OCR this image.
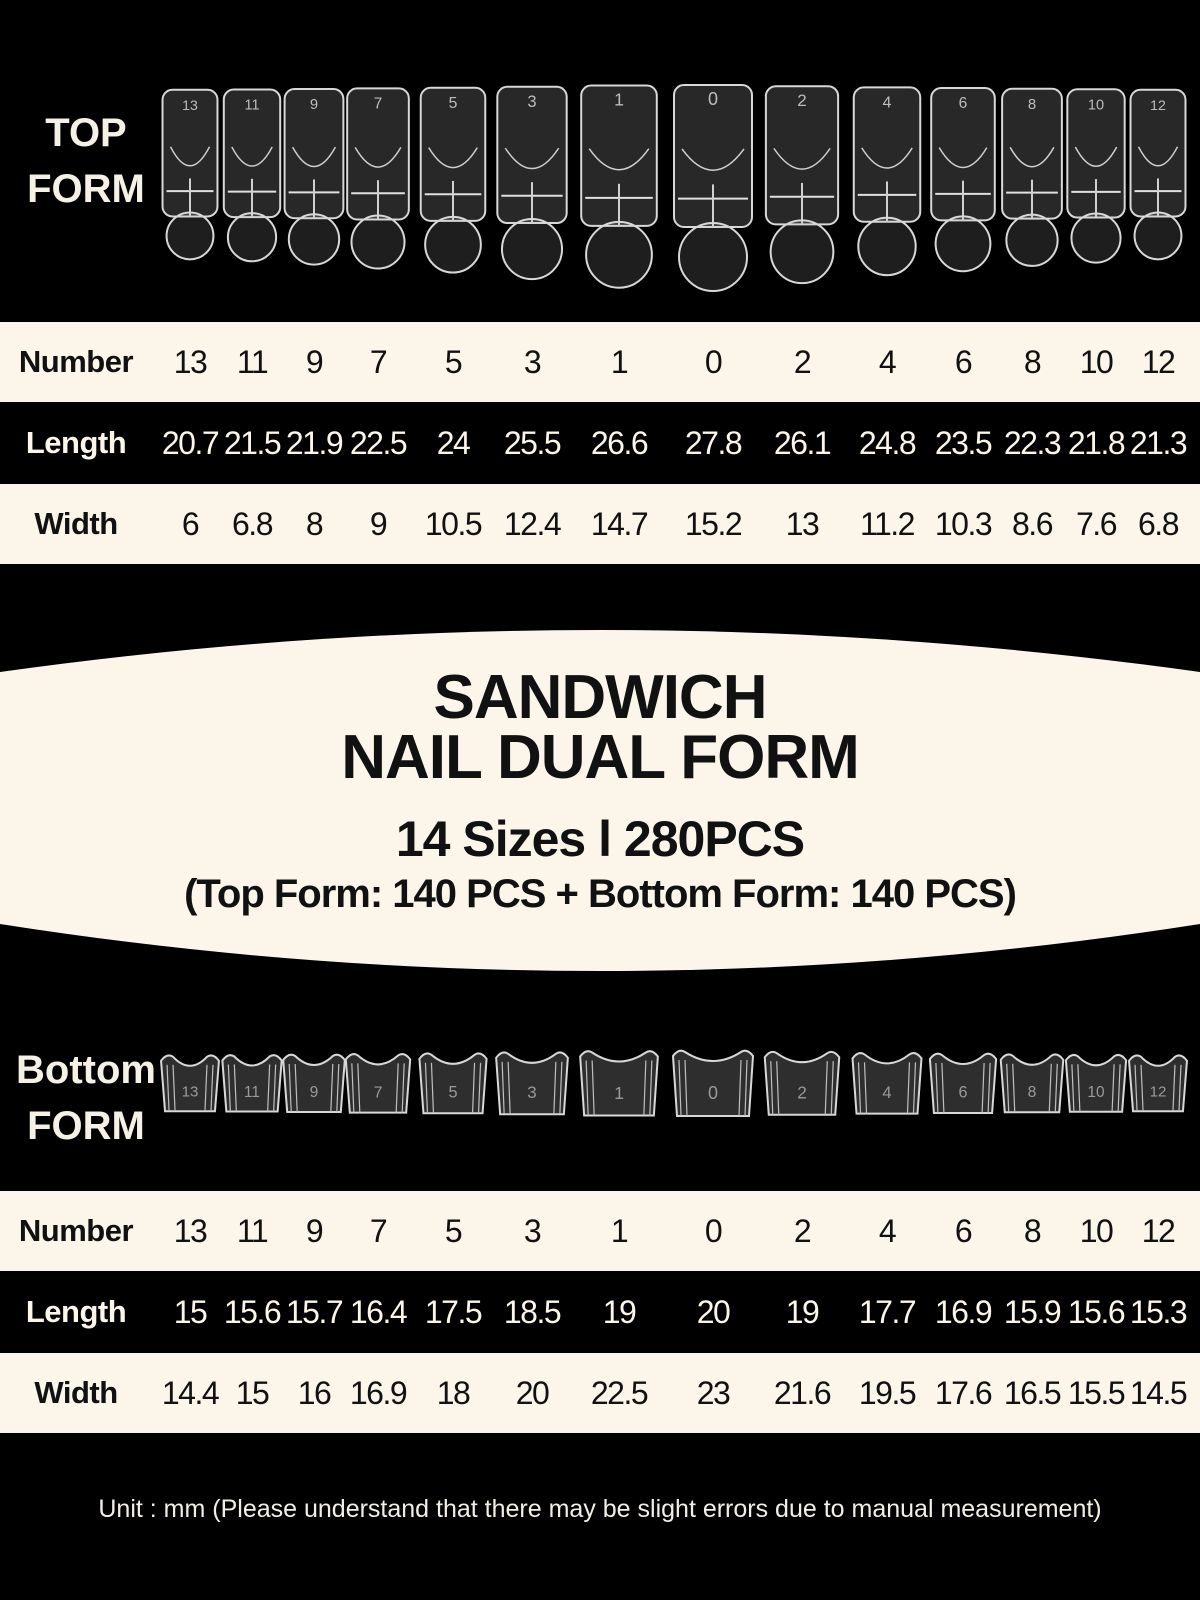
TOP
FORM
13	11	9	7	5	3	1	0	2	4	6	8	10	12
Number	13 11	9	7	5	3	1	0	2	4	6	8	10 12
Length	20.7 21.5 21.9 22.5 24	25.5 26.6 27.8 26.1 24.8 23.5 22.3 21.8 21.3
Width	6	6.8	8	9	10.5 12.4 14.7 15.2	13	11.2 10.3 8.6 7.6 6.8
SANDWICH
NAIL DUAL FORM
14 Sizes l 280PCS
(Top Form: 140 PCS + Bottom Form: 140 PCS)
Bottom
FORM
13	11	9	7	5	3	1	0	2	4	6	8	10	12
Number	13 11	9	7	5	3	1	0	2	4	6	8	10 12
Length	15 15.6 15.7 16.4 17.5 18.5	19	20	19	17.7 16.9 15.9 15.6 15.3
Width	14.4 15 16 16.9 18	20	22.5	23	21.6 19.5 17.6 16.5 15.5 14.5
Unit : mm (Please understand that there may be slight errors due to manual measurement)
